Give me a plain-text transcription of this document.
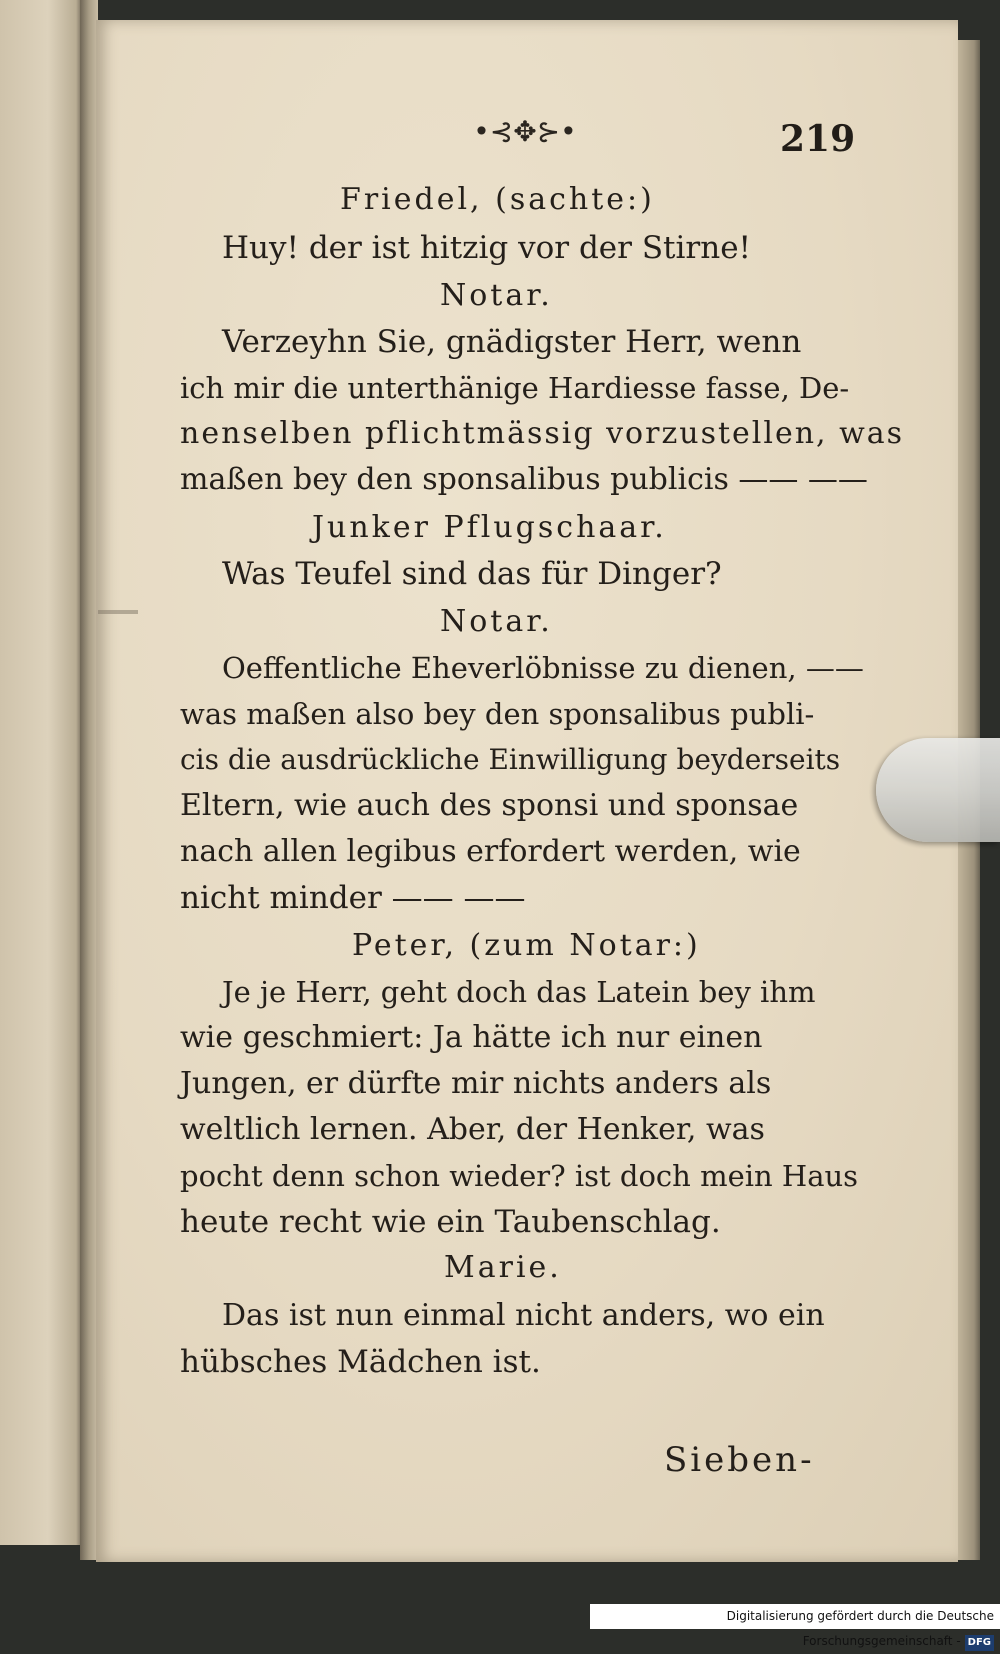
•⊰✥⊱•	219
Friedel, (sachte:)
Huy! der ist hitzig vor der Stirne!
Notar.
Verzeyhn Sie, gnädigster Herr, wenn
ich mir die unterthänige Hardiesse fasse, De-
nenselben pflichtmässig vorzustellen, was
maßen bey den sponsalibus publicis —— ——
Junker Pflugschaar.
Was Teufel sind das für Dinger?
Notar.
Oeffentliche Eheverlöbnisse zu dienen, ——
was maßen also bey den sponsalibus publi-
cis die ausdrückliche Einwilligung beyderseits
Eltern, wie auch des sponsi und sponsae
nach allen legibus erfordert werden, wie
nicht minder —— ——
Peter, (zum Notar:)
Je je Herr, geht doch das Latein bey ihm
wie geschmiert: Ja hätte ich nur einen
Jungen, er dürfte mir nichts anders als
weltlich lernen. Aber, der Henker, was
pocht denn schon wieder? ist doch mein Haus
heute recht wie ein Taubenschlag.
Marie.
Das ist nun einmal nicht anders, wo ein
hübsches Mädchen ist.
Sieben-
Digitalisierung gefördert durch die Deutsche Forschungsgemeinschaft - DFG
